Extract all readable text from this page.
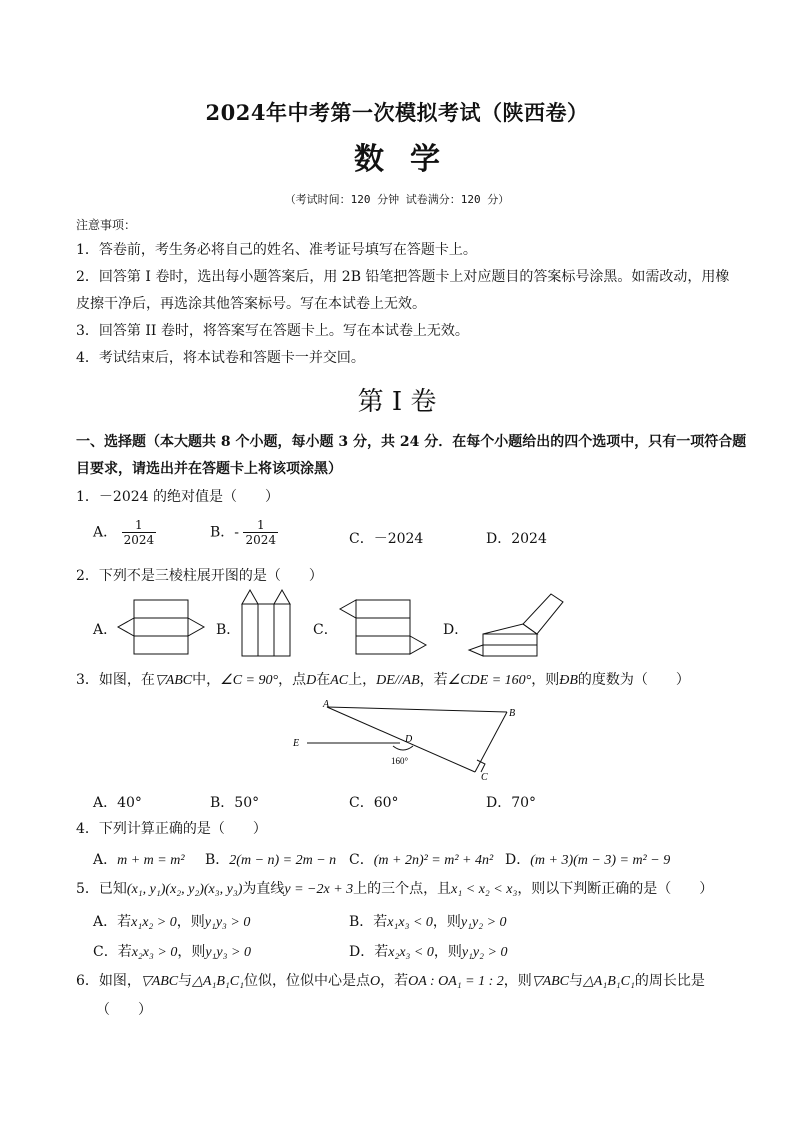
2024年中考第一次模拟考试（陕西卷）
数学
（考试时间：120 分钟 试卷满分：120 分）
注意事项：
1．答卷前，考生务必将自己的姓名、准考证号填写在答题卡上。
2．回答第 I 卷时，选出每小题答案后，用 2B 铅笔把答题卡上对应题目的答案标号涂黑。如需改动，用橡
皮擦干净后，再选涂其他答案标号。写在本试卷上无效。
3．回答第 II 卷时，将答案写在答题卡上。写在本试卷上无效。
4．考试结束后，将本试卷和答题卡一并交回。
第 I 卷
一、选择题（本大题共 8 个小题，每小题 3 分，共 24 分．在每个小题给出的四个选项中，只有一项符合题
目要求，请选出并在答题卡上将该项涂黑）
1．－2024 的绝对值是（　　）
A． $\frac{1}{2024}$	B．- $\frac{1}{2024}$	C．－2024	D．2024
2．下列不是三棱柱展开图的是（　　）
A．	B．	C．	D．
3．如图，在▽ABC中，∠C = 90°，点D在AC上，DE//AB，若∠CDE = 160°，则ÐB的度数为（　　）
A
B
C
D
E
160°
A．40°	B．50°	C．60°	D．70°
4．下列计算正确的是（　　）
A．m + m = m² B．2(m − n) = 2m − n C．(m + 2n)² = m² + 4n² D．(m + 3)(m − 3) = m² − 9
5．已知(x₁, y₁)(x₂, y₂)(x₃, y₃)为直线y = −2x + 3上的三个点，且x₁ < x₂ < x₃，则以下判断正确的是（　　）
A．若x₁x₂ > 0，则y₁y₃ > 0	B．若x₁x₃ < 0，则y₁y₂ > 0
C．若x₂x₃ > 0，则y₁y₃ > 0	D．若x₂x₃ < 0，则y₁y₂ > 0
6．如图，▽ABC与△A₁B₁C₁位似，位似中心是点O，若OA : OA₁ = 1 : 2，则▽ABC与△A₁B₁C₁的周长比是
（　　）
